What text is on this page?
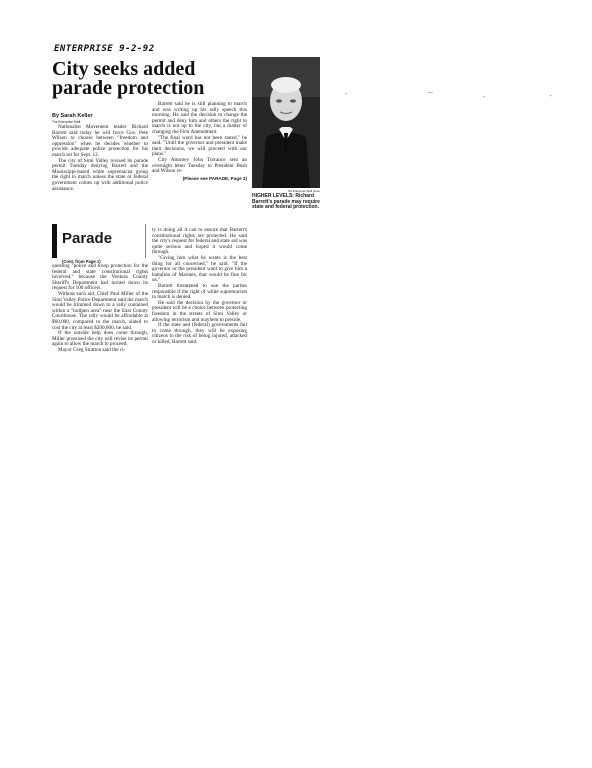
ENTERPRISE 9-2-92
City seeks added parade protection
By Sarah Keller
The Enterprise Staff

Nationalist Movement leader Richard Barrett said today he will force Gov. Pete Wilson to choose between "freedom and oppression" when he decides whether to provide adequate police protection for his march set for Sept. 12.

The city of Simi Valley revised its parade permit Tuesday denying Barrett and the Mississippi-based white supremacist group the right to march unless the state or federal government comes up with additional police assistance.

Barrett said he is still planning to march and was writing up his rally speech this morning. He said the decision to change the permit and deny him and others the right to march is not up to the city, but a matter of changing the First Amendment.

"The final word has not been stated," he said. "Until the governor and president make their decisions, we will proceed with our plans."

City Attorney John Torrance sent an overnight letter Tuesday to President Bush and Wilson re-

(Please see PARADE, Page 3)

The Enterprise Staff photo
HIGHER LEVELS: Richard Barrett's parade may require state and federal protection.
Parade
(Cont. from Page 1)

questing "police and troop protection for the federal and state constitutional rights involved," because the Ventura County Sheriff's Department had turned down its request for 100 officers.

Without such aid, Chief Paul Miller of the Simi Valley Police Department said the march would be trimmed down to a rally contained within a "bullpen area" near the East County Courthouse. The rally would be affordable at $60,000, compared to the march, slated to cost the city at least $200,000, he said.

If the outside help does come through, Miller promised the city will revise its permit again to allow the march to proceed.

Mayor Greg Stratton said the ci-

ty is doing all it can to ensure that Barrett's constitutional rights are protected. He said the city's request for federal and state aid was quite serious and hoped it would come through.

"Giving him what he wants is the best thing for all concerned," he said. "If the governor or the president want to give him a battalion of Marines, that would be fine for us."

Barrett threatened to sue the parties responsible if the right of white supremacists to march is denied.

He said the decision by the governor or president will be a choice between protecting freedom in the streets of Simi Valley or allowing terrorism and mayhem to preside.

If the state and (federal) governments fail to come through, they will be exposing citizens to the risk of being injured, attacked or killed, Barrett said.

-	—	-	-
